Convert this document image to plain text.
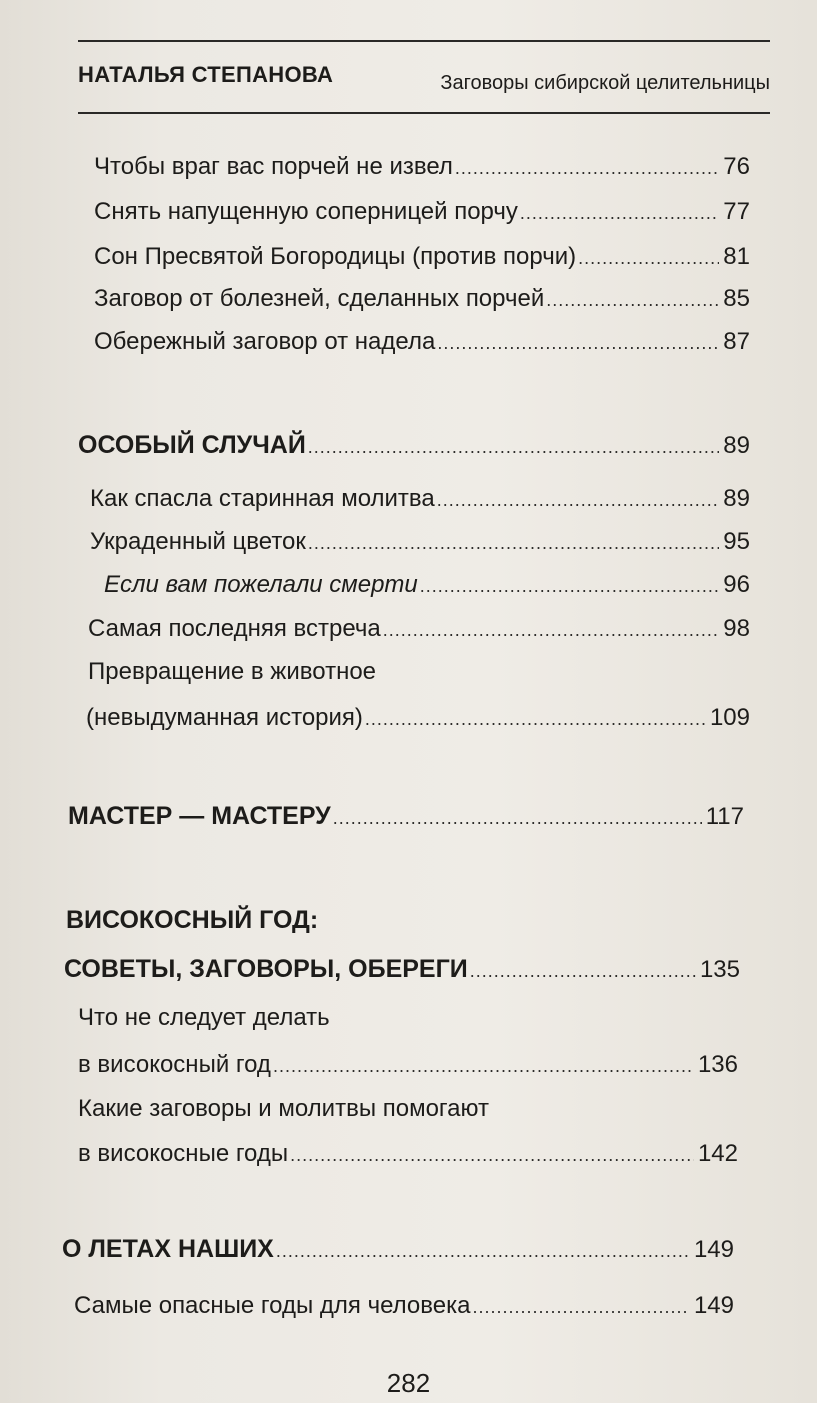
НАТАЛЬЯ СТЕПАНОВА	Заговоры сибирской целительницы
Чтобы враг вас порчей не извел .....	76
Снять напущенную соперницей порчу .....	77
Сон Пресвятой Богородицы (против порчи) .....	81
Заговор от болезней, сделанных порчей .....	85
Обережный заговор от надела .....	87
ОСОБЫЙ СЛУЧАЙ .....	89
Как спасла старинная молитва .....	89
Украденный цветок .....	95
Если вам пожелали смерти .....	96
Самая последняя встреча .....	98
Превращение в животное
(невыдуманная история) .....	109
МАСТЕР — МАСТЕРУ .....	117
ВИСОКОСНЫЙ ГОД:
СОВЕТЫ, ЗАГОВОРЫ, ОБЕРЕГИ .....	135
Что не следует делать
в високосный год .....	136
Какие заговоры и молитвы помогают
в високосные годы .....	142
О ЛЕТАХ НАШИХ .....	149
Самые опасные годы для человека .....	149
282
